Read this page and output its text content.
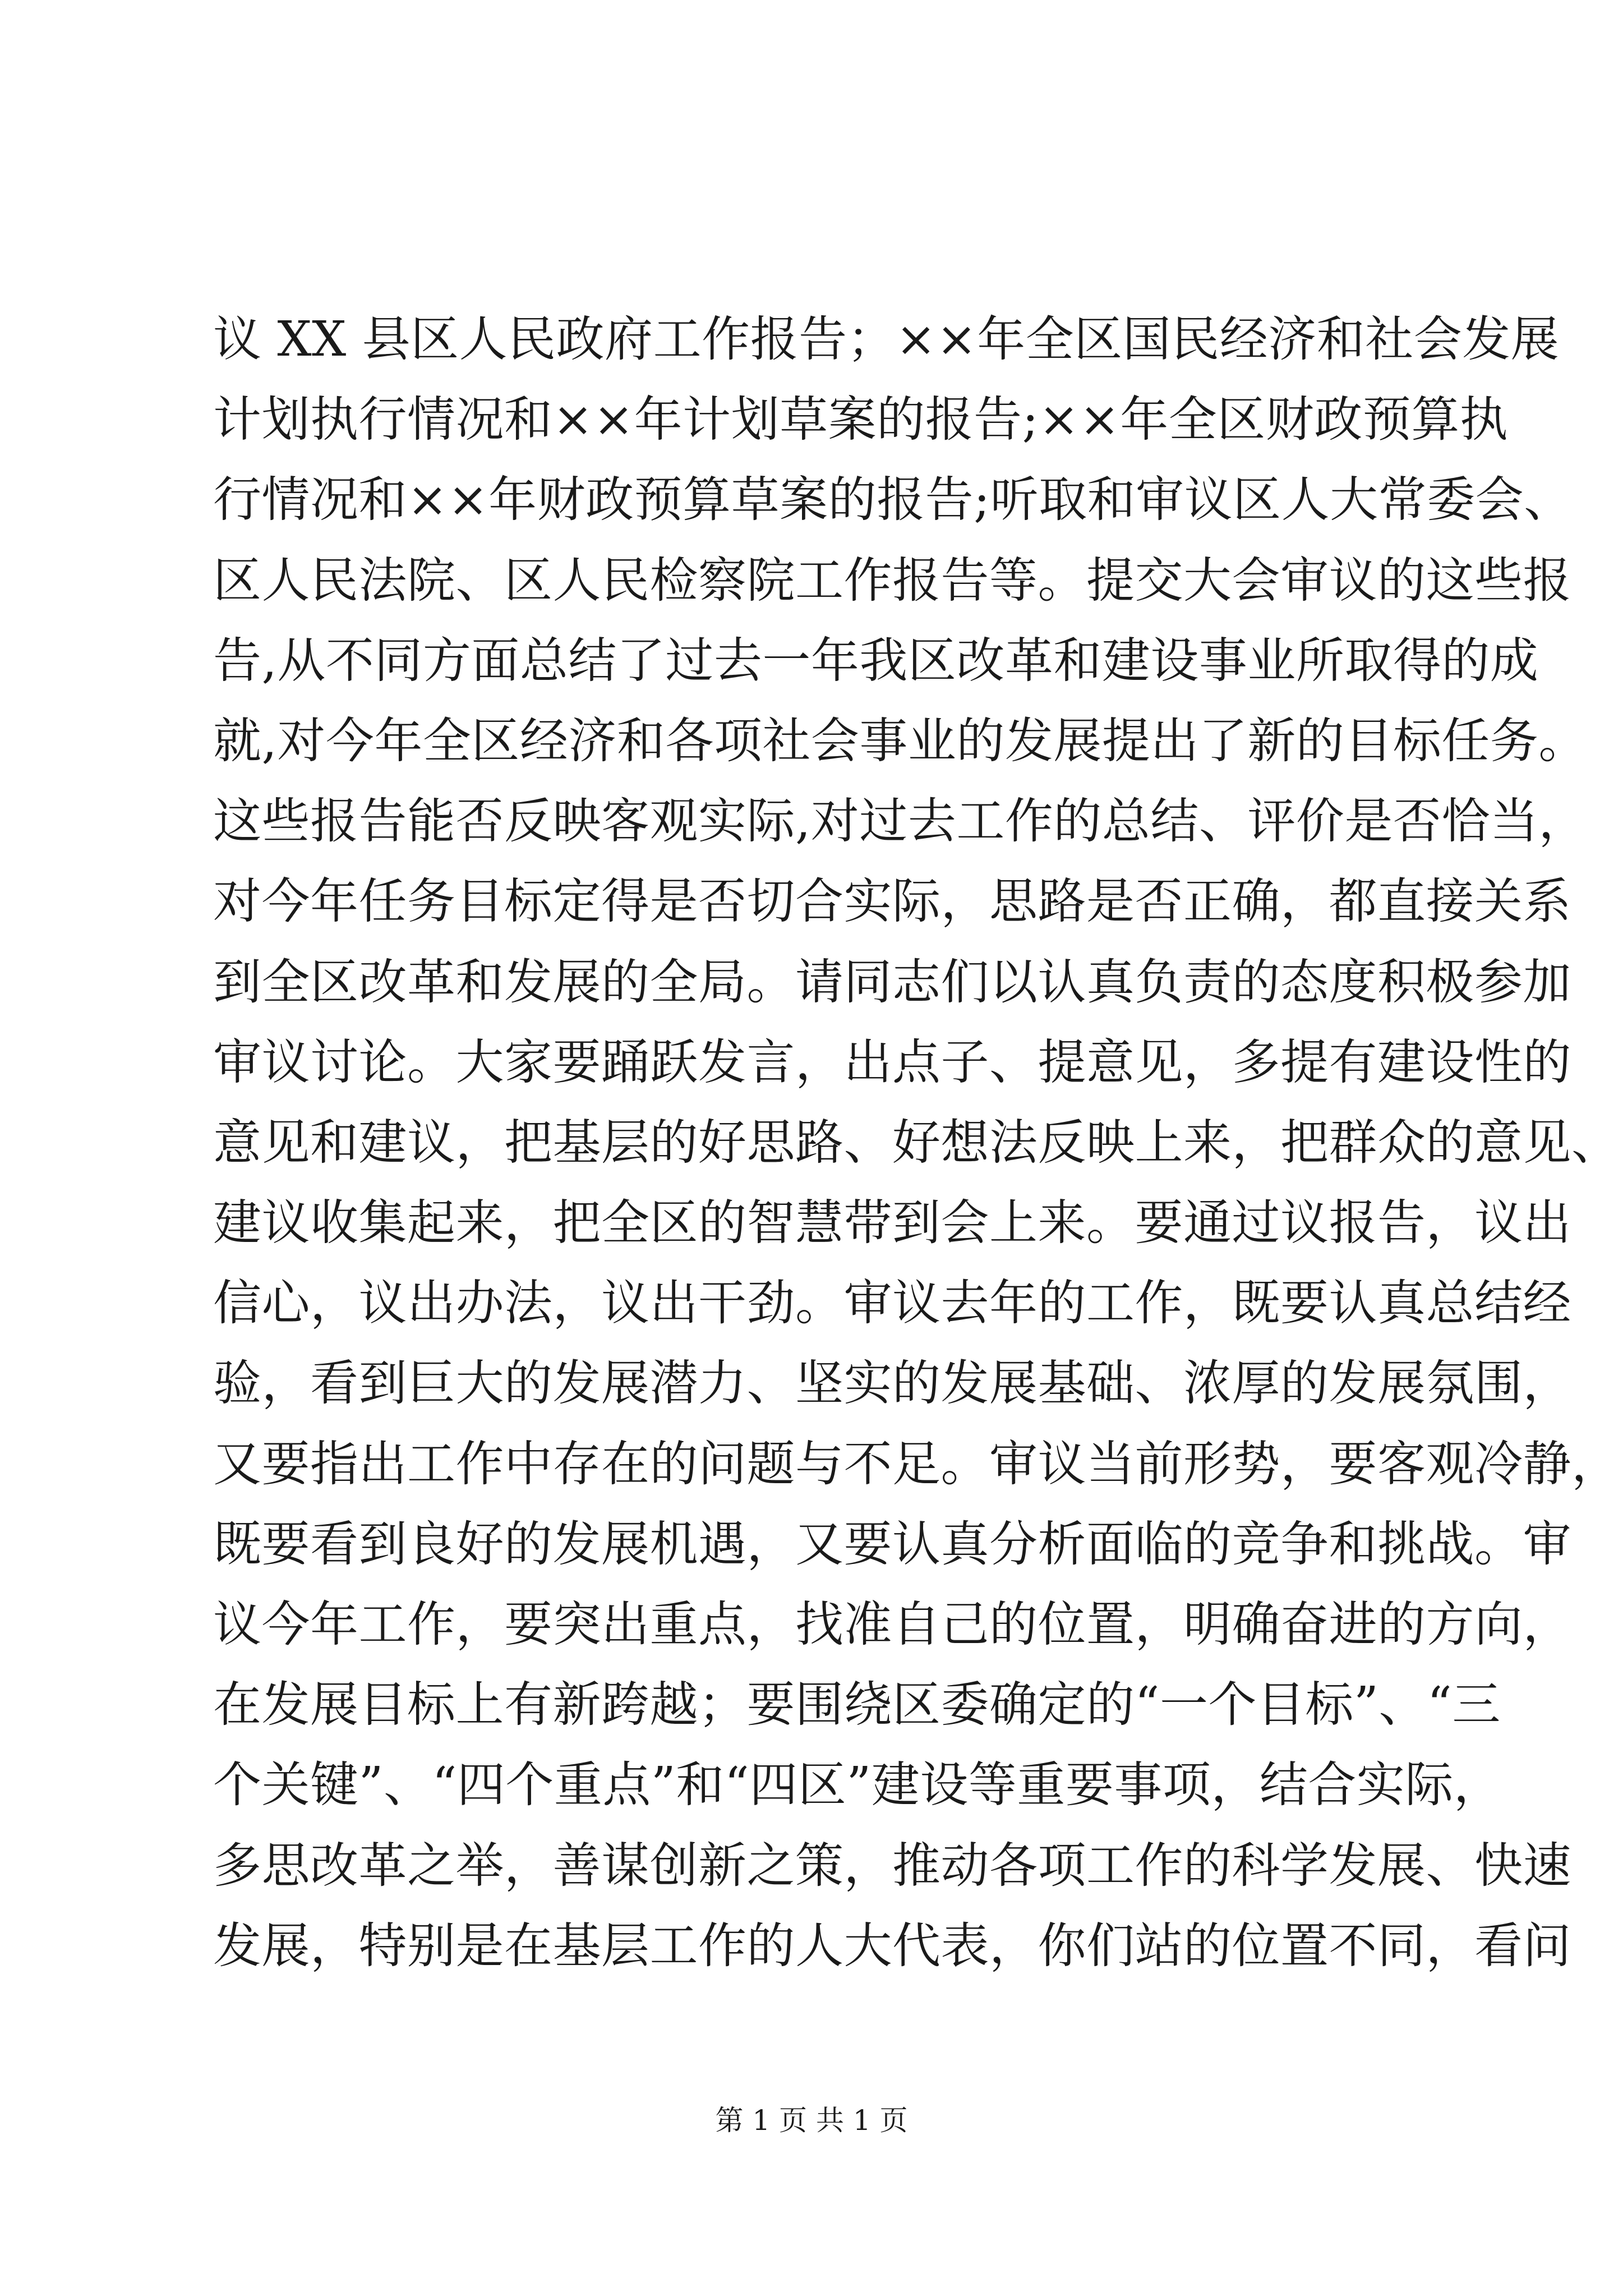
议 XX 县区人民政府工作报告；××年全区国民经济和社会发展
计划执行情况和××年计划草案的报告;××年全区财政预算执
行情况和××年财政预算草案的报告;听取和审议区人大常委会、
区人民法院、区人民检察院工作报告等。提交大会审议的这些报
告,从不同方面总结了过去一年我区改革和建设事业所取得的成
就,对今年全区经济和各项社会事业的发展提出了新的目标任务。
这些报告能否反映客观实际,对过去工作的总结、评价是否恰当，
对今年任务目标定得是否切合实际，思路是否正确，都直接关系
到全区改革和发展的全局。请同志们以认真负责的态度积极参加
审议讨论。大家要踊跃发言，出点子、提意见，多提有建设性的
意见和建议，把基层的好思路、好想法反映上来，把群众的意见、
建议收集起来，把全区的智慧带到会上来。要通过议报告，议出
信心，议出办法，议出干劲。审议去年的工作，既要认真总结经
验，看到巨大的发展潜力、坚实的发展基础、浓厚的发展氛围，
又要指出工作中存在的问题与不足。审议当前形势，要客观冷静，
既要看到良好的发展机遇，又要认真分析面临的竞争和挑战。审
议今年工作，要突出重点，找准自己的位置，明确奋进的方向，
在发展目标上有新跨越；要围绕区委确定的“一个目标”、“三
个关键”、“四个重点”和“四区”建设等重要事项，结合实际，
多思改革之举，善谋创新之策，推动各项工作的科学发展、快速
发展，特别是在基层工作的人大代表，你们站的位置不同，看问
第 1 页 共 1 页
